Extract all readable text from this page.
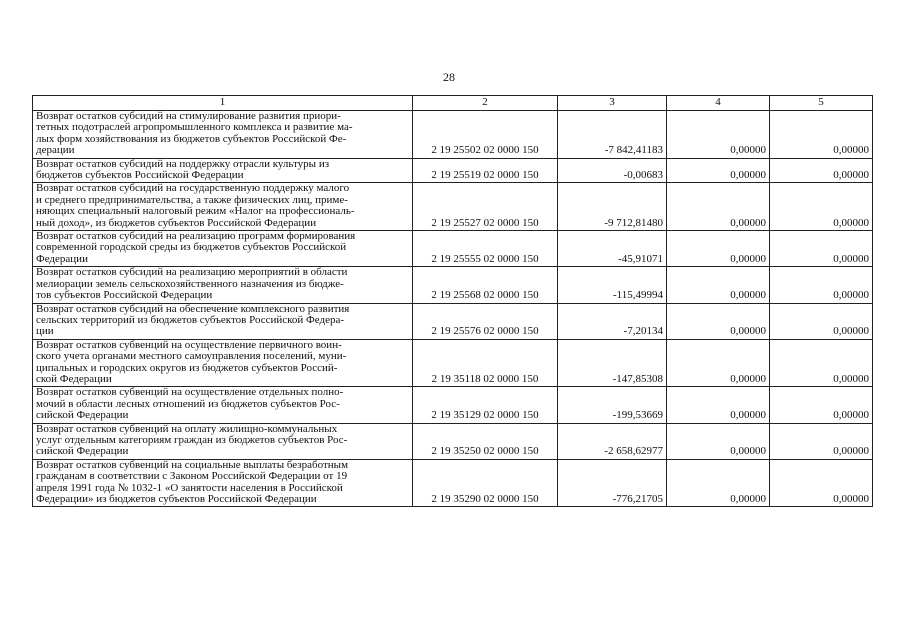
28
1	2	3	4	5

Возврат остатков субсидий на стимулирование развития приори-
тетных подотраслей агропромышленного комплекса и развитие ма-
лых форм хозяйствования из бюджетов субъектов Российской Фе-
дерации	2 19 25502 02 0000 150	-7 842,41183	0,00000	0,00000

Возврат остатков субсидий на поддержку отрасли культуры из
бюджетов субъектов Российской Федерации	2 19 25519 02 0000 150	-0,00683	0,00000	0,00000

Возврат остатков субсидий на государственную поддержку малого
и среднего предпринимательства, а также физических лиц, приме-
няющих специальный налоговый режим «Налог на профессиональ-
ный доход», из бюджетов субъектов Российской Федерации	2 19 25527 02 0000 150	-9 712,81480	0,00000	0,00000

Возврат остатков субсидий на реализацию программ формирования
современной городской среды из бюджетов субъектов Российской
Федерации	2 19 25555 02 0000 150	-45,91071	0,00000	0,00000

Возврат остатков субсидий на реализацию мероприятий в области
мелиорации земель сельскохозяйственного назначения из бюдже-
тов субъектов Российской Федерации	2 19 25568 02 0000 150	-115,49994	0,00000	0,00000

Возврат остатков субсидий на обеспечение комплексного развития
сельских территорий из бюджетов субъектов Российской Федера-
ции	2 19 25576 02 0000 150	-7,20134	0,00000	0,00000

Возврат остатков субвенций на осуществление первичного воин-
ского учета органами местного самоуправления поселений, муни-
ципальных и городских округов из бюджетов субъектов Россий-
ской Федерации	2 19 35118 02 0000 150	-147,85308	0,00000	0,00000

Возврат остатков субвенций на осуществление отдельных полно-
мочий в области лесных отношений из бюджетов субъектов Рос-
сийской Федерации	2 19 35129 02 0000 150	-199,53669	0,00000	0,00000

Возврат остатков субвенций на оплату жилищно-коммунальных
услуг отдельным категориям граждан из бюджетов субъектов Рос-
сийской Федерации	2 19 35250 02 0000 150	-2 658,62977	0,00000	0,00000

Возврат остатков субвенций на социальные выплаты безработным
гражданам в соответствии с Законом Российской Федерации от 19
апреля 1991 года № 1032-1 «О занятости населения в Российской
Федерации» из бюджетов субъектов Российской Федерации	2 19 35290 02 0000 150	-776,21705	0,00000	0,00000
